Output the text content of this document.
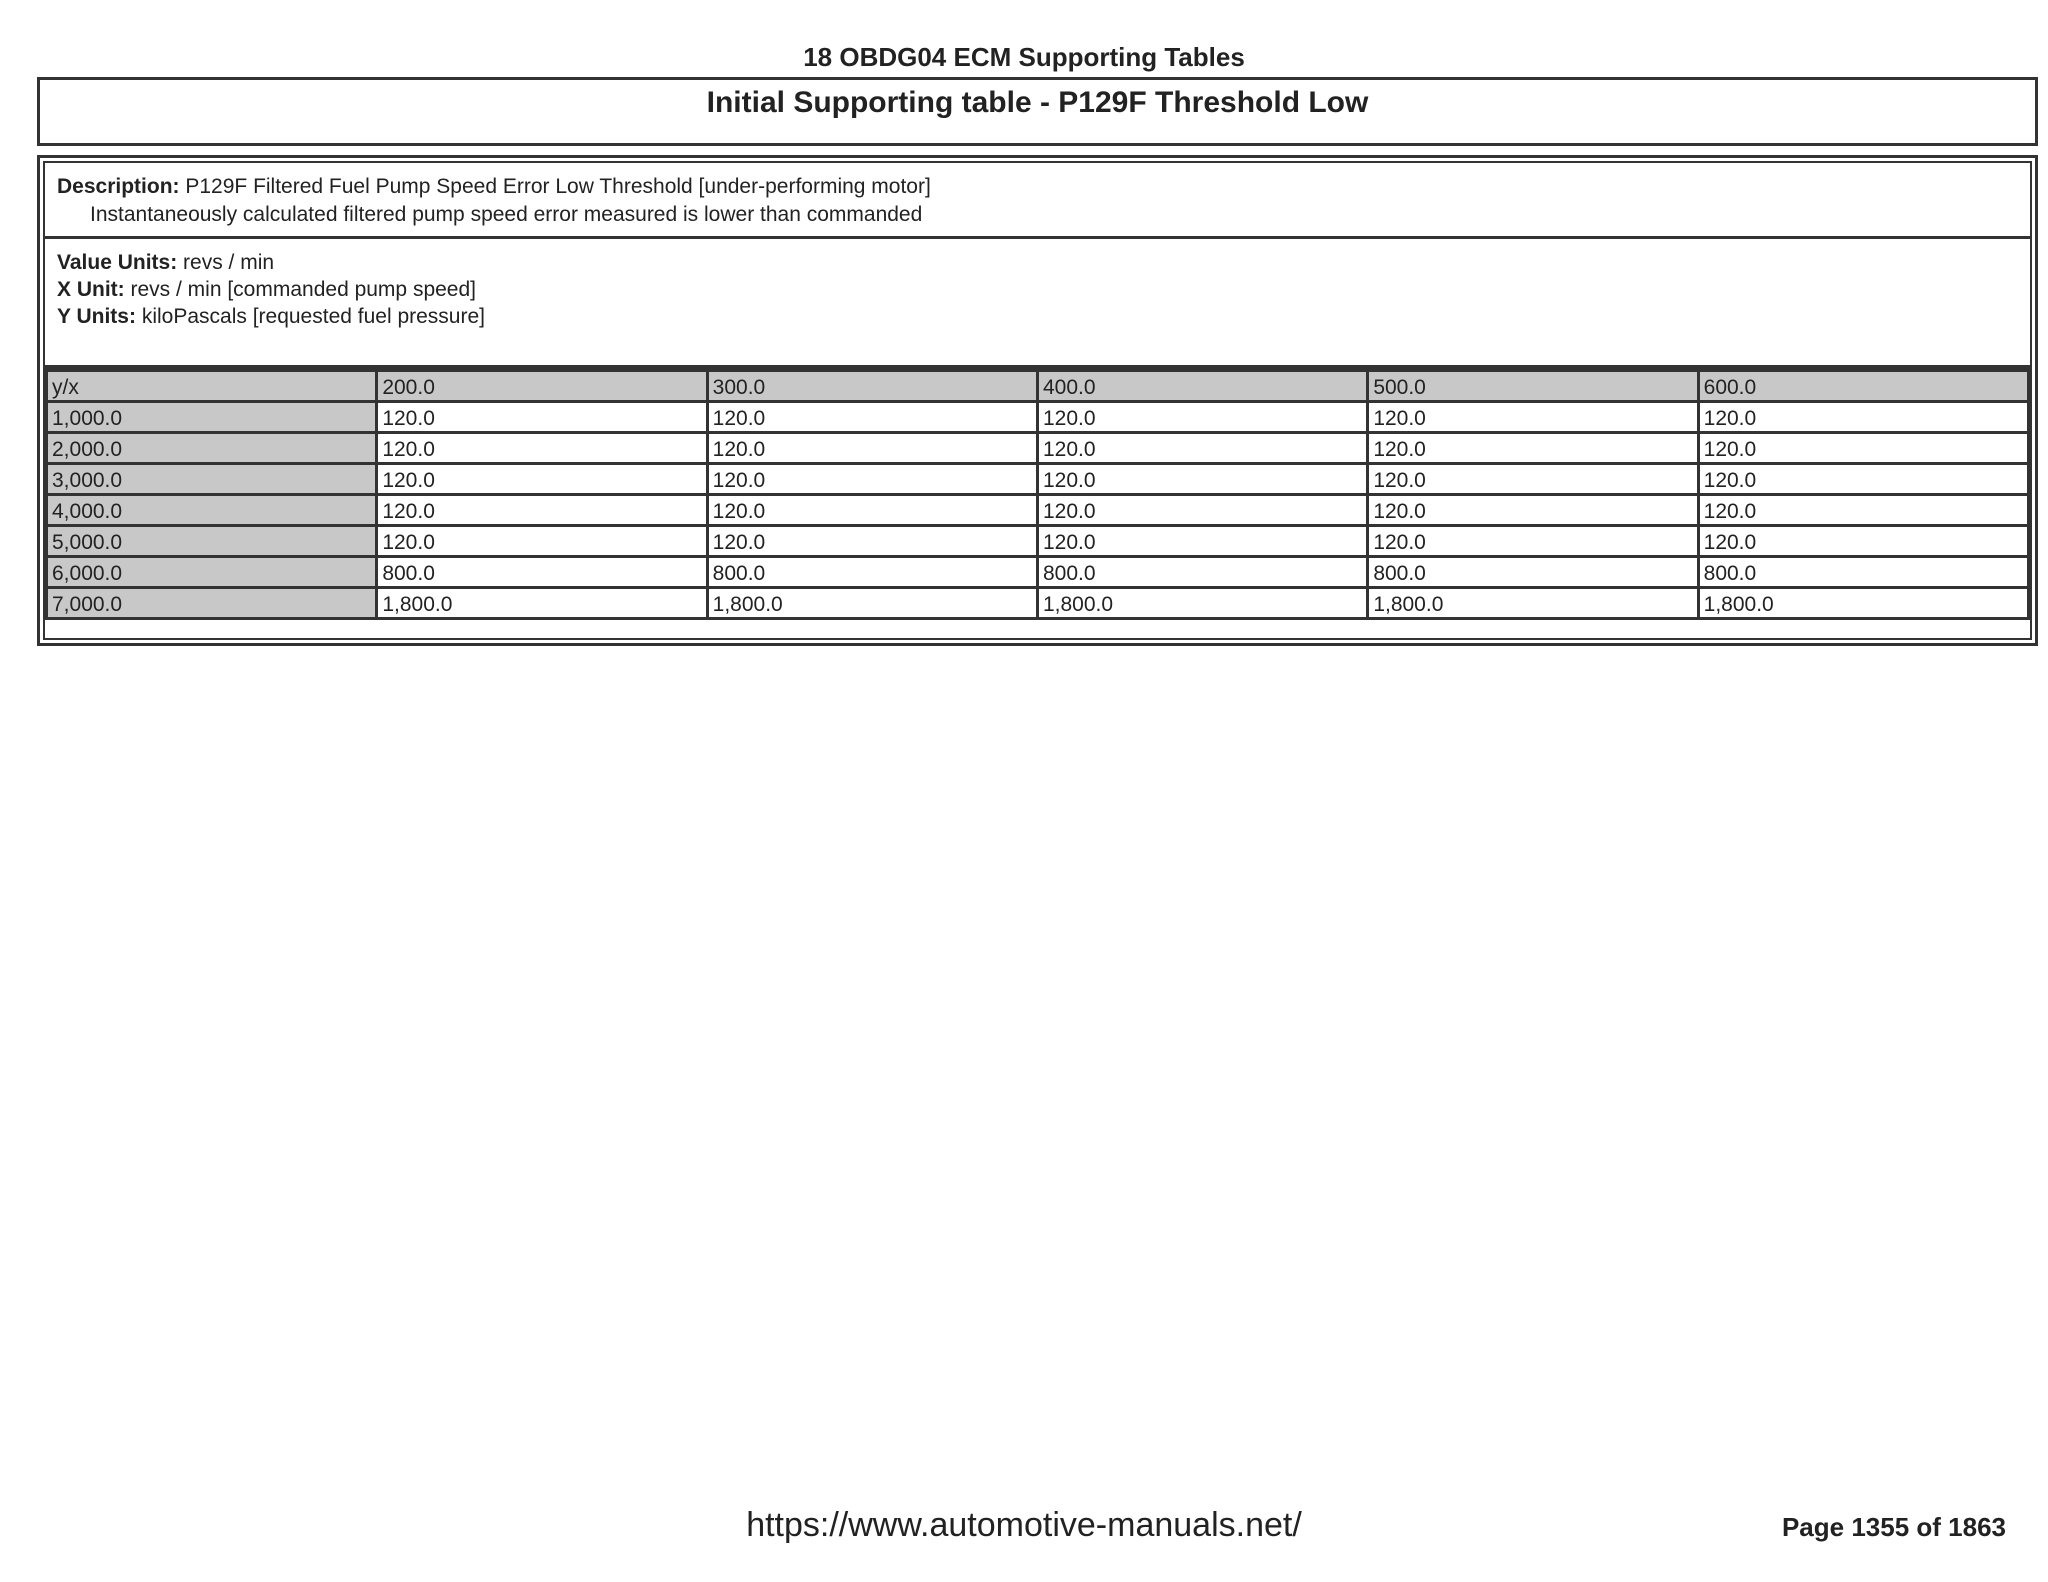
18 OBDG04 ECM Supporting Tables
Initial Supporting table - P129F Threshold Low
Description: P129F Filtered Fuel Pump Speed Error Low Threshold [under-performing motor]
Instantaneously calculated filtered pump speed error measured is lower than commanded
Value Units: revs / min
X Unit: revs / min [commanded pump speed]
Y Units: kiloPascals [requested fuel pressure]
y/x	200.0	300.0	400.0	500.0	600.0
1,000.0	120.0	120.0	120.0	120.0	120.0
2,000.0	120.0	120.0	120.0	120.0	120.0
3,000.0	120.0	120.0	120.0	120.0	120.0
4,000.0	120.0	120.0	120.0	120.0	120.0
5,000.0	120.0	120.0	120.0	120.0	120.0
6,000.0	800.0	800.0	800.0	800.0	800.0
7,000.0	1,800.0	1,800.0	1,800.0	1,800.0	1,800.0
https://www.automotive-manuals.net/	Page 1355 of 1863
